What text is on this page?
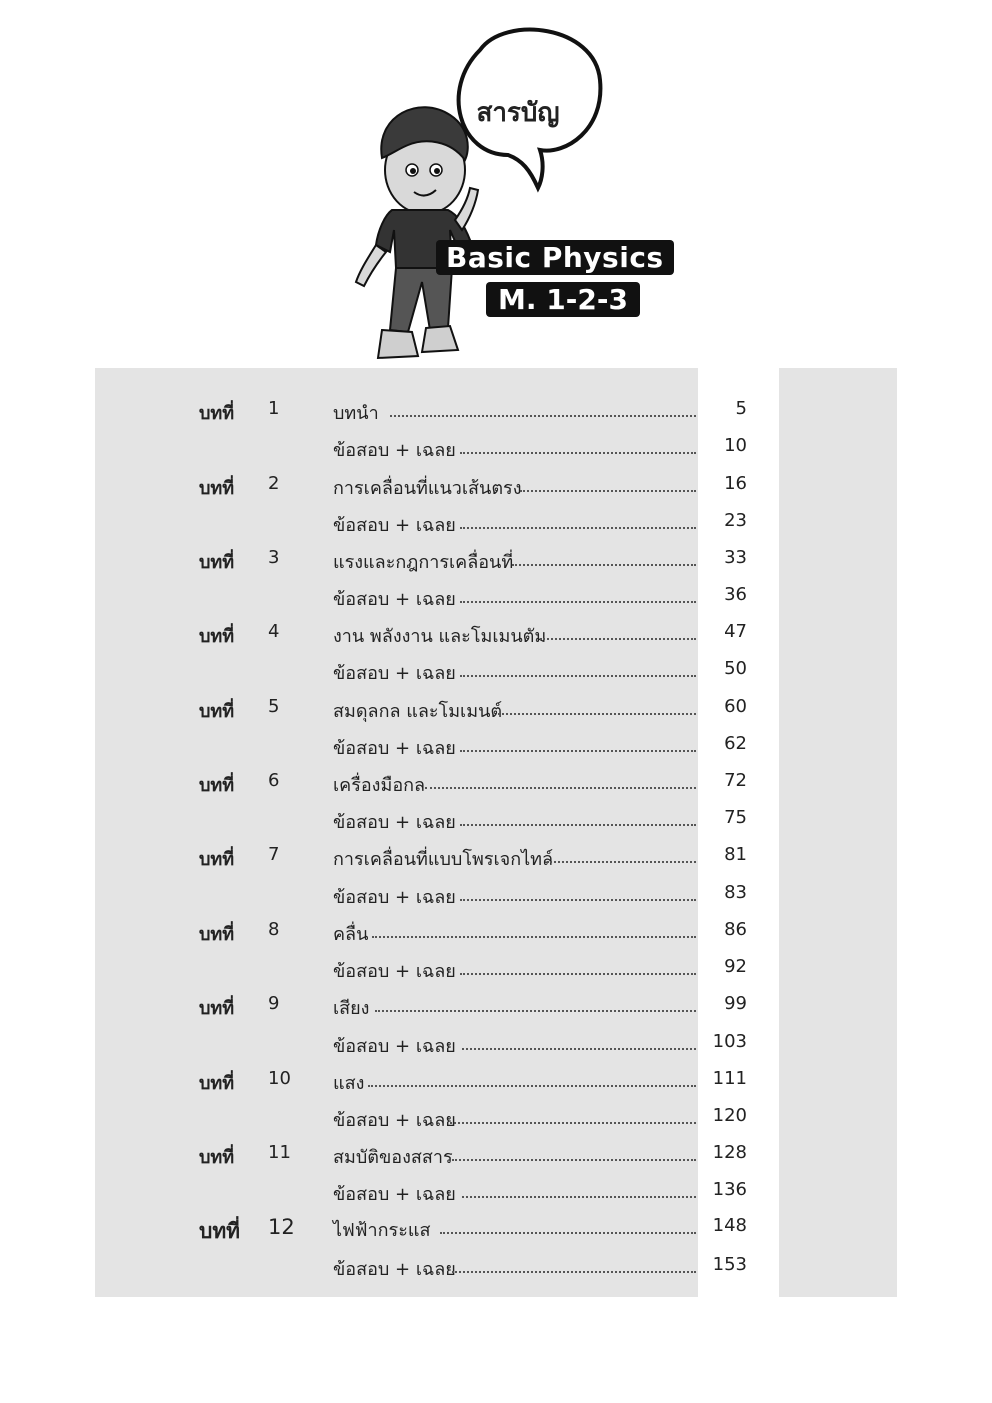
สารบัญ
Basic Physics
M. 1-2-3
บทที่ 1	บทนำ	5
ข้อสอบ + เฉลย	10
บทที่ 2	การเคลื่อนที่แนวเส้นตรง	16
ข้อสอบ + เฉลย	23
บทที่ 3	แรงและกฎการเคลื่อนที่	33
ข้อสอบ + เฉลย	36
บทที่ 4	งาน พลังงาน และโมเมนตัม	47
ข้อสอบ + เฉลย	50
บทที่ 5	สมดุลกล และโมเมนต์	60
ข้อสอบ + เฉลย	62
บทที่ 6	เครื่องมือกล	72
ข้อสอบ + เฉลย	75
บทที่ 7	การเคลื่อนที่แบบโพรเจกไทล์	81
ข้อสอบ + เฉลย	83
บทที่ 8	คลื่น	86
ข้อสอบ + เฉลย	92
บทที่ 9	เสียง	99
ข้อสอบ + เฉลย	103
บทที่ 10 แสง	111
ข้อสอบ + เฉลย	120
บทที่ 11 สมบัติของสสาร	128
ข้อสอบ + เฉลย	136
บทที่ 12 ไฟฟ้ากระแส	148
ข้อสอบ + เฉลย	153
